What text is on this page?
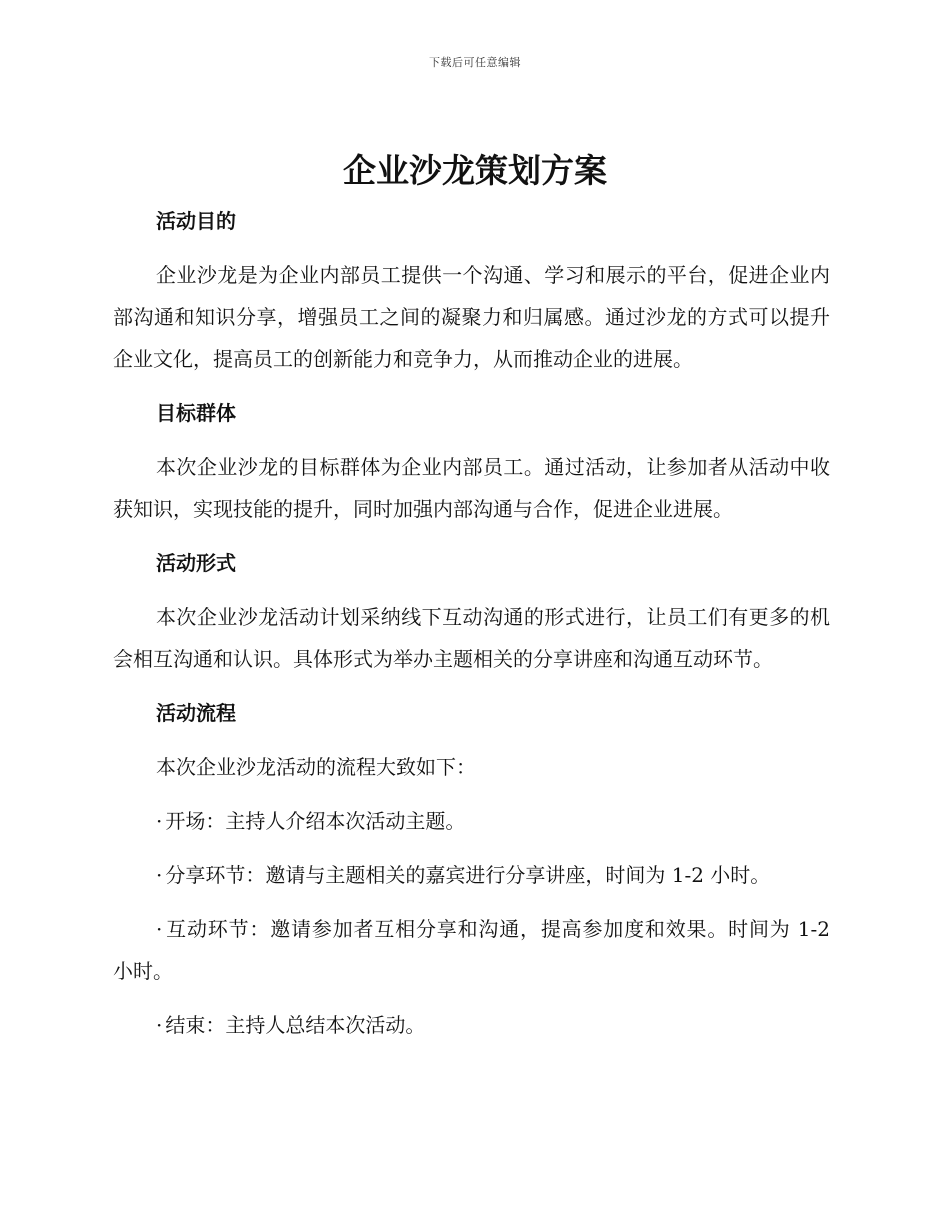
下载后可任意编辑
企业沙龙策划方案
活动目的

企业沙龙是为企业内部员工提供一个沟通、学习和展示的平台，促进企业内部沟通和知识分享，增强员工之间的凝聚力和归属感。通过沙龙的方式可以提升企业文化，提高员工的创新能力和竞争力，从而推动企业的进展。

目标群体

本次企业沙龙的目标群体为企业内部员工。通过活动，让参加者从活动中收获知识，实现技能的提升，同时加强内部沟通与合作，促进企业进展。

活动形式

本次企业沙龙活动计划采纳线下互动沟通的形式进行，让员工们有更多的机会相互沟通和认识。具体形式为举办主题相关的分享讲座和沟通互动环节。

活动流程

本次企业沙龙活动的流程大致如下：

· 开场：主持人介绍本次活动主题。

· 分享环节：邀请与主题相关的嘉宾进行分享讲座，时间为 1-2 小时。

· 互动环节：邀请参加者互相分享和沟通，提高参加度和效果。时间为 1-2 小时。

· 结束：主持人总结本次活动。
